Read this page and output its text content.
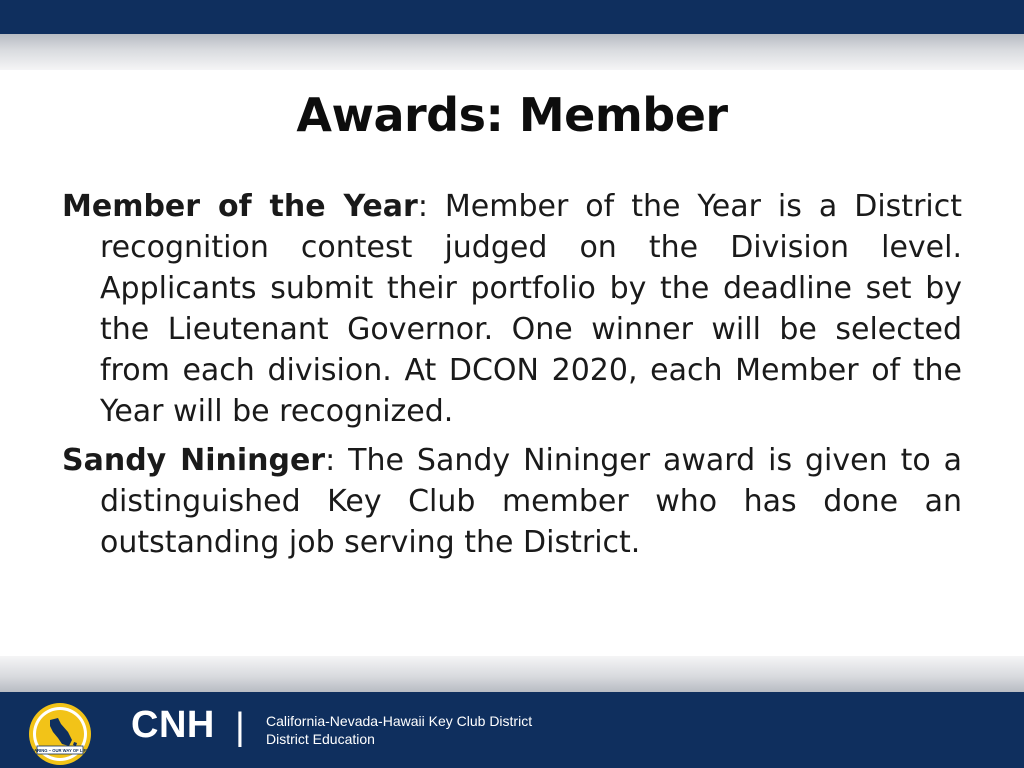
Awards: Member

Member of the Year: Member of the Year is a District recognition contest judged on the Division level. Applicants submit their portfolio by the deadline set by the Lieutenant Governor. One winner will be selected from each division. At DCON 2020, each Member of the Year will be recognized.

Sandy Nininger: The Sandy Nininger award is given to a distinguished Key Club member who has done an outstanding job serving the District.

CARING – OUR WAY OF LIFE
CNH | California-Nevada-Hawaii Key Club District
District Education
